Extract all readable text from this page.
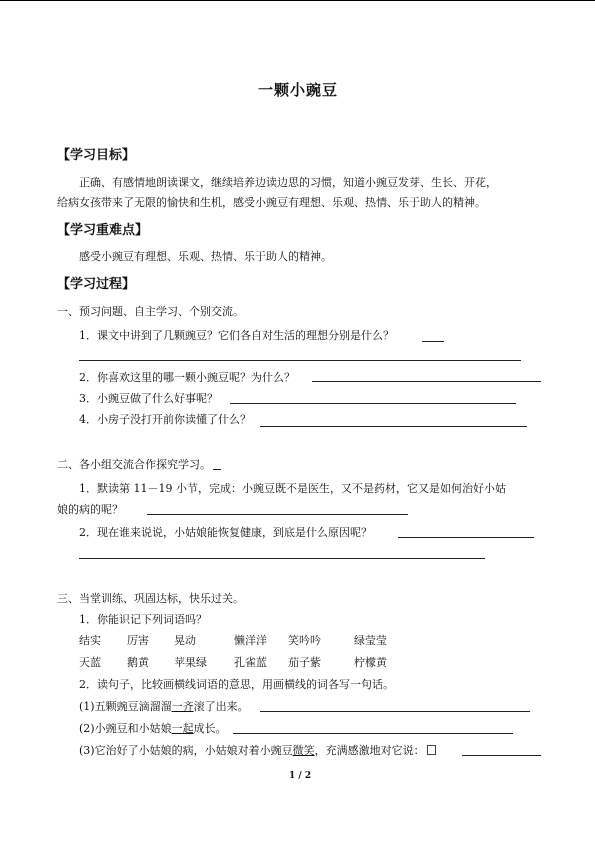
一颗小豌豆
【学习目标】
正确、有感情地朗读课文，继续培养边读边思的习惯，知道小豌豆发芽、生长、开花，
给病女孩带来了无限的愉快和生机，感受小豌豆有理想、乐观、热情、乐于助人的精神。
【学习重难点】
感受小豌豆有理想、乐观、热情、乐于助人的精神。
【学习过程】
一、预习问题、自主学习、个别交流。
1．课文中讲到了几颗豌豆？它们各自对生活的理想分别是什么？
2．你喜欢这里的哪一颗小豌豆呢？为什么？
3．小豌豆做了什么好事呢？
4．小房子没打开前你读懂了什么？
二、各小组交流合作探究学习。
1．默读第 11－19 小节，完成：小豌豆既不是医生，又不是药材，它又是如何治好小姑
娘的病的呢？
2．现在谁来说说，小姑娘能恢复健康，到底是什么原因呢？
三、当堂训练、巩固达标，快乐过关。
1．你能识记下列词语吗？
结实 厉害 晃动	懒洋洋 笑吟吟	绿莹莹
天蓝 鹅黄 苹果绿 孔雀蓝 茄子紫	柠檬黄
2．读句子，比较画横线词语的意思，用画横线的词各写一句话。
(1)五颗豌豆滴溜溜一齐滚了出来。
(2)小豌豆和小姑娘一起成长。
(3)它治好了小姑娘的病，小姑娘对着小豌豆微笑，充满感激地对它说：
1 / 2
